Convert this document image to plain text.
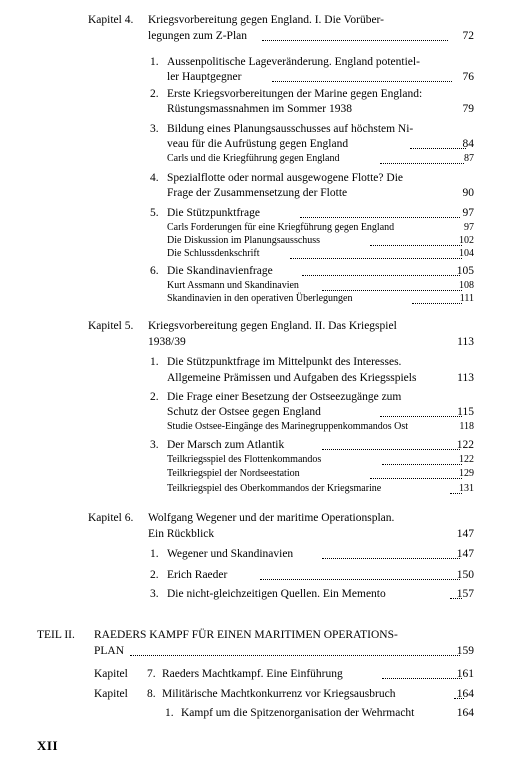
Kapitel 4. Kriegsvorbereitung gegen England. I. Die Vorüber-
legungen zum Z-Plan	72
1. Aussenpolitische Lageveränderung. England potentiel-
ler Hauptgegner	76
2. Erste Kriegsvorbereitungen der Marine gegen England:
Rüstungsmassnahmen im Sommer 1938	79
3. Bildung eines Planungsausschusses auf höchstem Ni-
veau für die Aufrüstung gegen England	84
Carls und die Kriegführung gegen England	87
4. Spezialflotte oder normal ausgewogene Flotte? Die
Frage der Zusammensetzung der Flotte	90
5. Die Stützpunktfrage	97
Carls Forderungen für eine Kriegführung gegen England	97
Die Diskussion im Planungsausschuss	102
Die Schlussdenkschrift	104
6. Die Skandinavienfrage	105
Kurt Assmann und Skandinavien	108
Skandinavien in den operativen Überlegungen	111
Kapitel 5. Kriegsvorbereitung gegen England. II. Das Kriegspiel
1938/39	113
1. Die Stützpunktfrage im Mittelpunkt des Interesses.
Allgemeine Prämissen und Aufgaben des Kriegsspiels	113
2. Die Frage einer Besetzung der Ostseezugänge zum
Schutz der Ostsee gegen England	115
Studie Ostsee-Eingänge des Marinegruppenkommandos Ost	118
3. Der Marsch zum Atlantik	122
Teilkriegsspiel des Flottenkommandos	122
Teilkriegspiel der Nordseestation	129
Teilkriegspiel des Oberkommandos der Kriegsmarine	131
Kapitel 6. Wolfgang Wegener und der maritime Operationsplan.
Ein Rückblick	147
1. Wegener und Skandinavien	147
2. Erich Raeder	150
3. Die nicht-gleichzeitigen Quellen. Ein Memento	157
TEIL II. RAEDERS KAMPF FÜR EINEN MARITIMEN OPERATIONS-
PLAN	159
Kapitel 7. Raeders Machtkampf. Eine Einführung	161
Kapitel 8. Militärische Machtkonkurrenz vor Kriegsausbruch	164
1. Kampf um die Spitzenorganisation der Wehrmacht	164
XII
